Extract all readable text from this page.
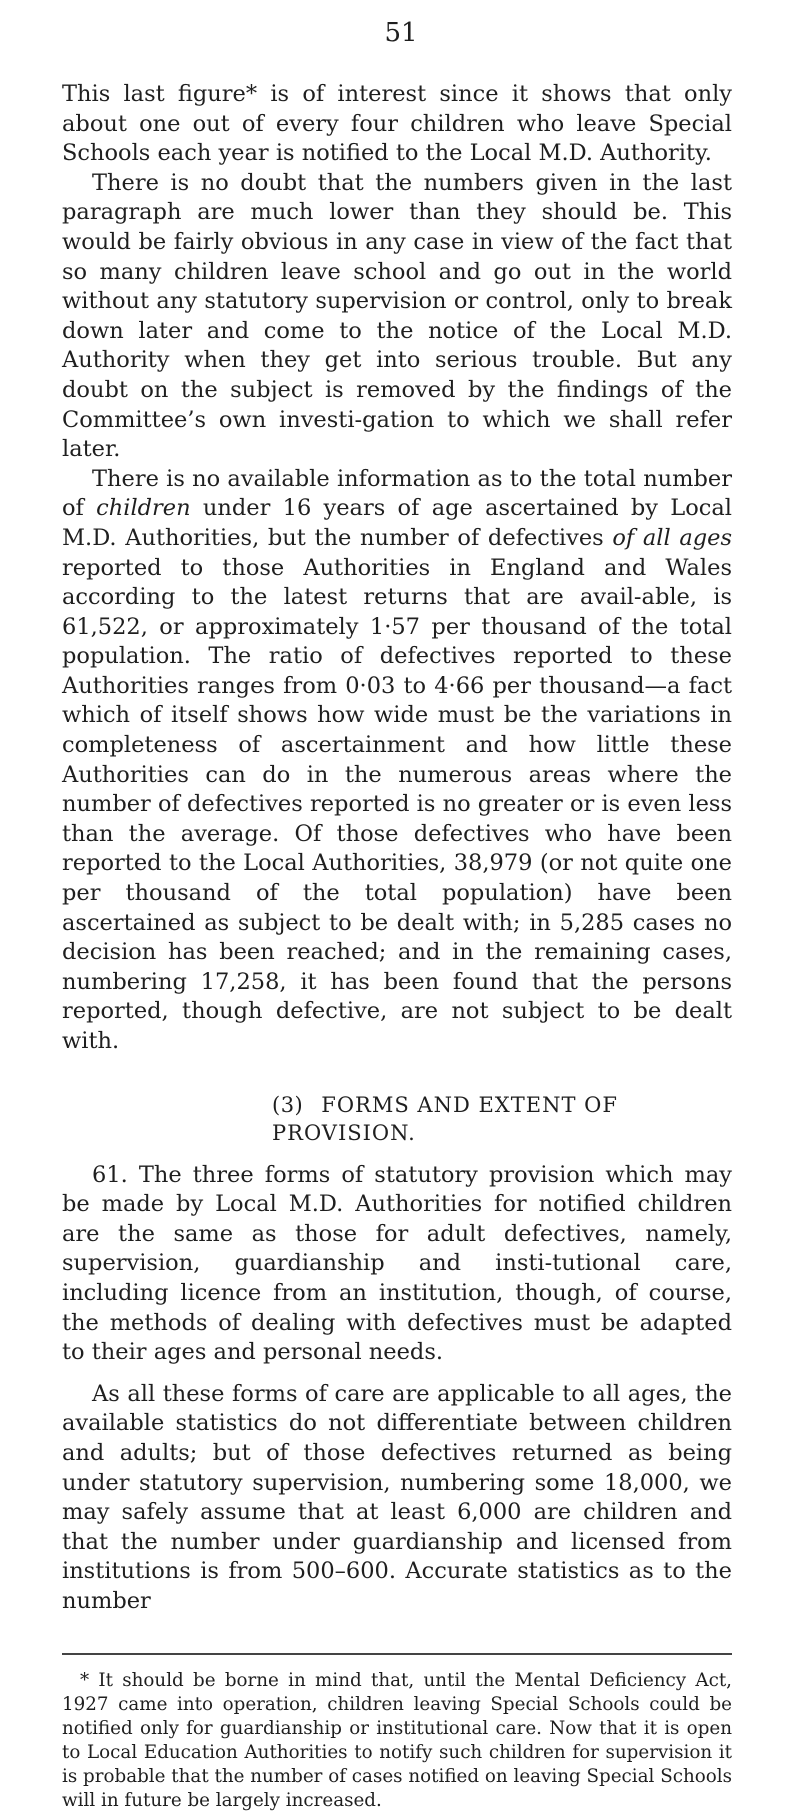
51

This last figure* is of interest since it shows that only about one out of every four children who leave Special Schools each year is notified to the Local M.D. Authority.

There is no doubt that the numbers given in the last paragraph are much lower than they should be. This would be fairly obvious in any case in view of the fact that so many children leave school and go out in the world without any statutory supervision or control, only to break down later and come to the notice of the Local M.D. Authority when they get into serious trouble. But any doubt on the subject is removed by the findings of the Committee’s own investi-gation to which we shall refer later.

There is no available information as to the total number of children under 16 years of age ascertained by Local M.D. Authorities, but the number of defectives of all ages reported to those Authorities in England and Wales according to the latest returns that are avail-able, is 61,522, or approximately 1·57 per thousand of the total population. The ratio of defectives reported to these Authorities ranges from 0·03 to 4·66 per thousand—a fact which of itself shows how wide must be the variations in completeness of ascertainment and how little these Authorities can do in the numerous areas where the number of defectives reported is no greater or is even less than the average. Of those defectives who have been reported to the Local Authorities, 38,979 (or not quite one per thousand of the total population) have been ascertained as subject to be dealt with; in 5,285 cases no decision has been reached; and in the remaining cases, numbering 17,258, it has been found that the persons reported, though defective, are not subject to be dealt with.

(3) FORMS AND EXTENT OF PROVISION.

61. The three forms of statutory provision which may be made by Local M.D. Authorities for notified children are the same as those for adult defectives, namely, supervision, guardianship and insti-tutional care, including licence from an institution, though, of course, the methods of dealing with defectives must be adapted to their ages and personal needs.

As all these forms of care are applicable to all ages, the available statistics do not differentiate between children and adults; but of those defectives returned as being under statutory supervision, numbering some 18,000, we may safely assume that at least 6,000 are children and that the number under guardianship and licensed from institutions is from 500–600. Accurate statistics as to the number

* It should be borne in mind that, until the Mental Deficiency Act, 1927 came into operation, children leaving Special Schools could be notified only for guardianship or institutional care. Now that it is open to Local Education Authorities to notify such children for supervision it is probable that the number of cases notified on leaving Special Schools will in future be largely increased.
